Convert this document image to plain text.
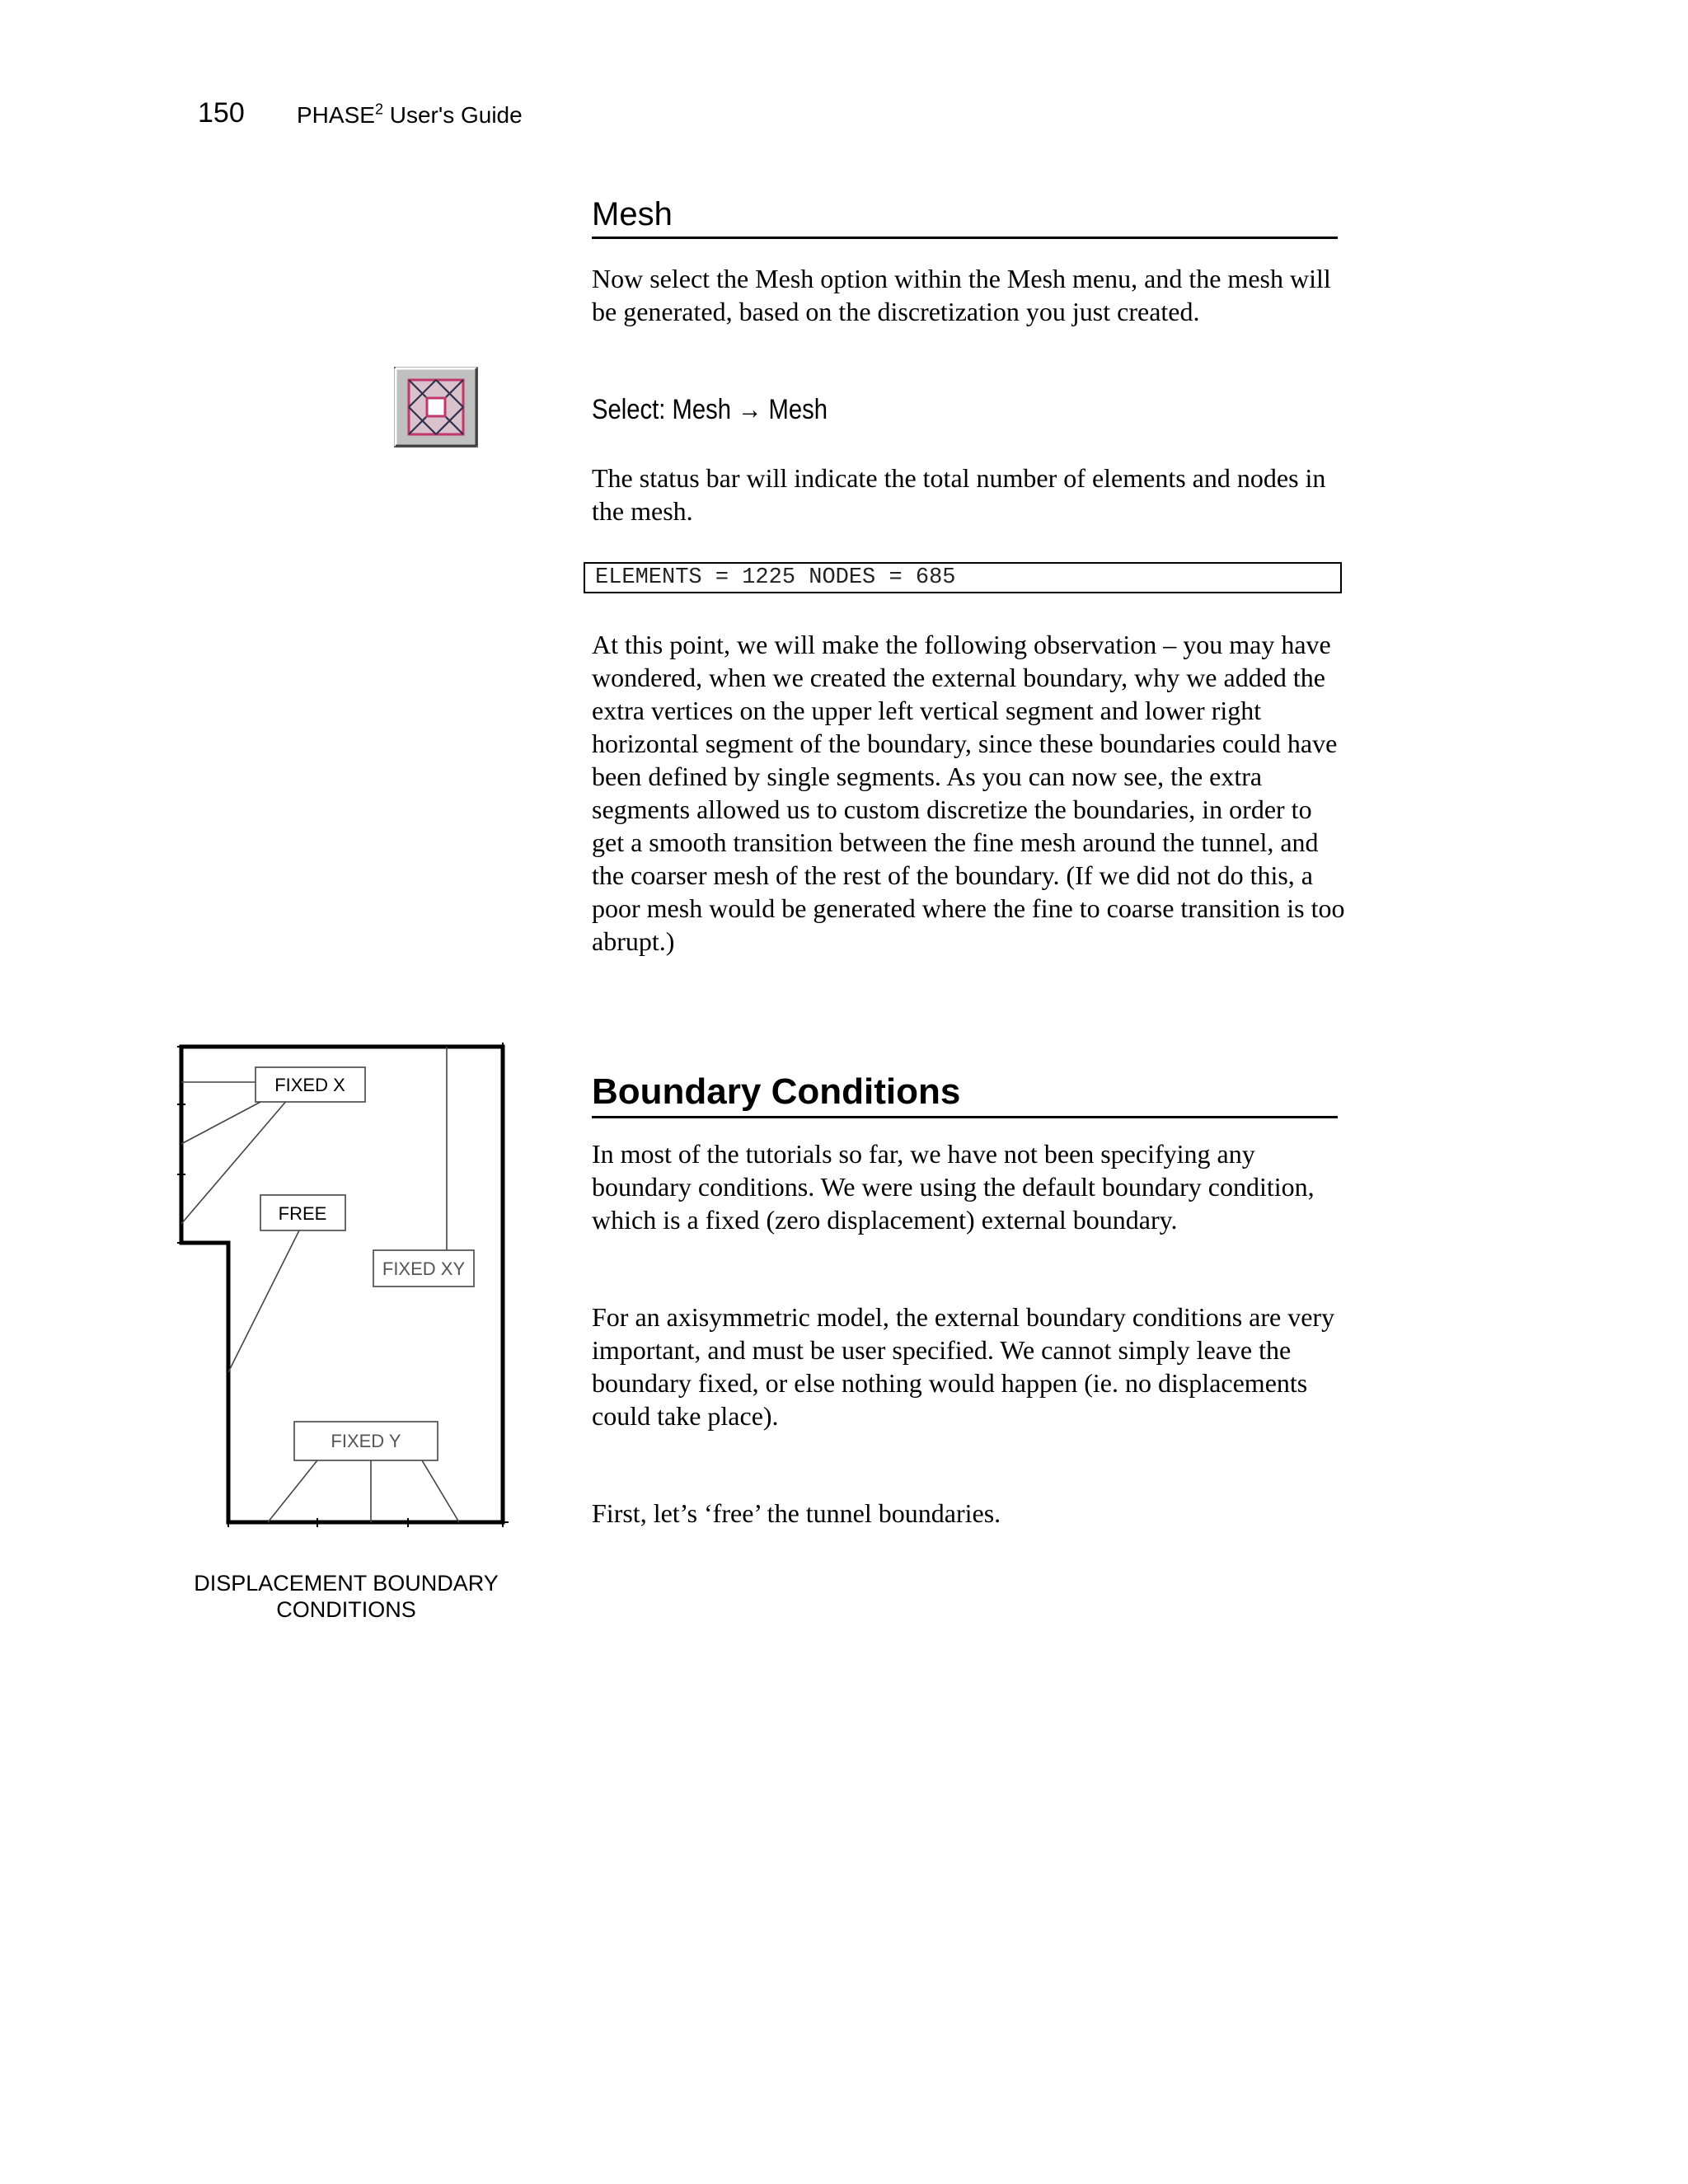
150 PHASE$^2$ User's Guide
Mesh

Now select the Mesh option within the Mesh menu, and the mesh will be generated, based on the discretization you just created.

Select: Mesh → Mesh

The status bar will indicate the total number of elements and nodes in the mesh.

ELEMENTS = 1225 NODES = 685

At this point, we will make the following observation – you may have wondered, when we created the external boundary, why we added the extra vertices on the upper left vertical segment and lower right horizontal segment of the boundary, since these boundaries could have been defined by single segments. As you can now see, the extra segments allowed us to custom discretize the boundaries, in order to get a smooth transition between the fine mesh around the tunnel, and the coarser mesh of the rest of the boundary. (If we did not do this, a poor mesh would be generated where the fine to coarse transition is too abrupt.)

Boundary Conditions

In most of the tutorials so far, we have not been specifying any boundary conditions. We were using the default boundary condition, which is a fixed (zero displacement) external boundary.

For an axisymmetric model, the external boundary conditions are very important, and must be user specified. We cannot simply leave the boundary fixed, or else nothing would happen (ie. no displacements could take place).

First, let’s ‘free’ the tunnel boundaries.

FIXED X
FREE
FIXED XY
FIXED Y
DISPLACEMENT BOUNDARY
CONDITIONS
